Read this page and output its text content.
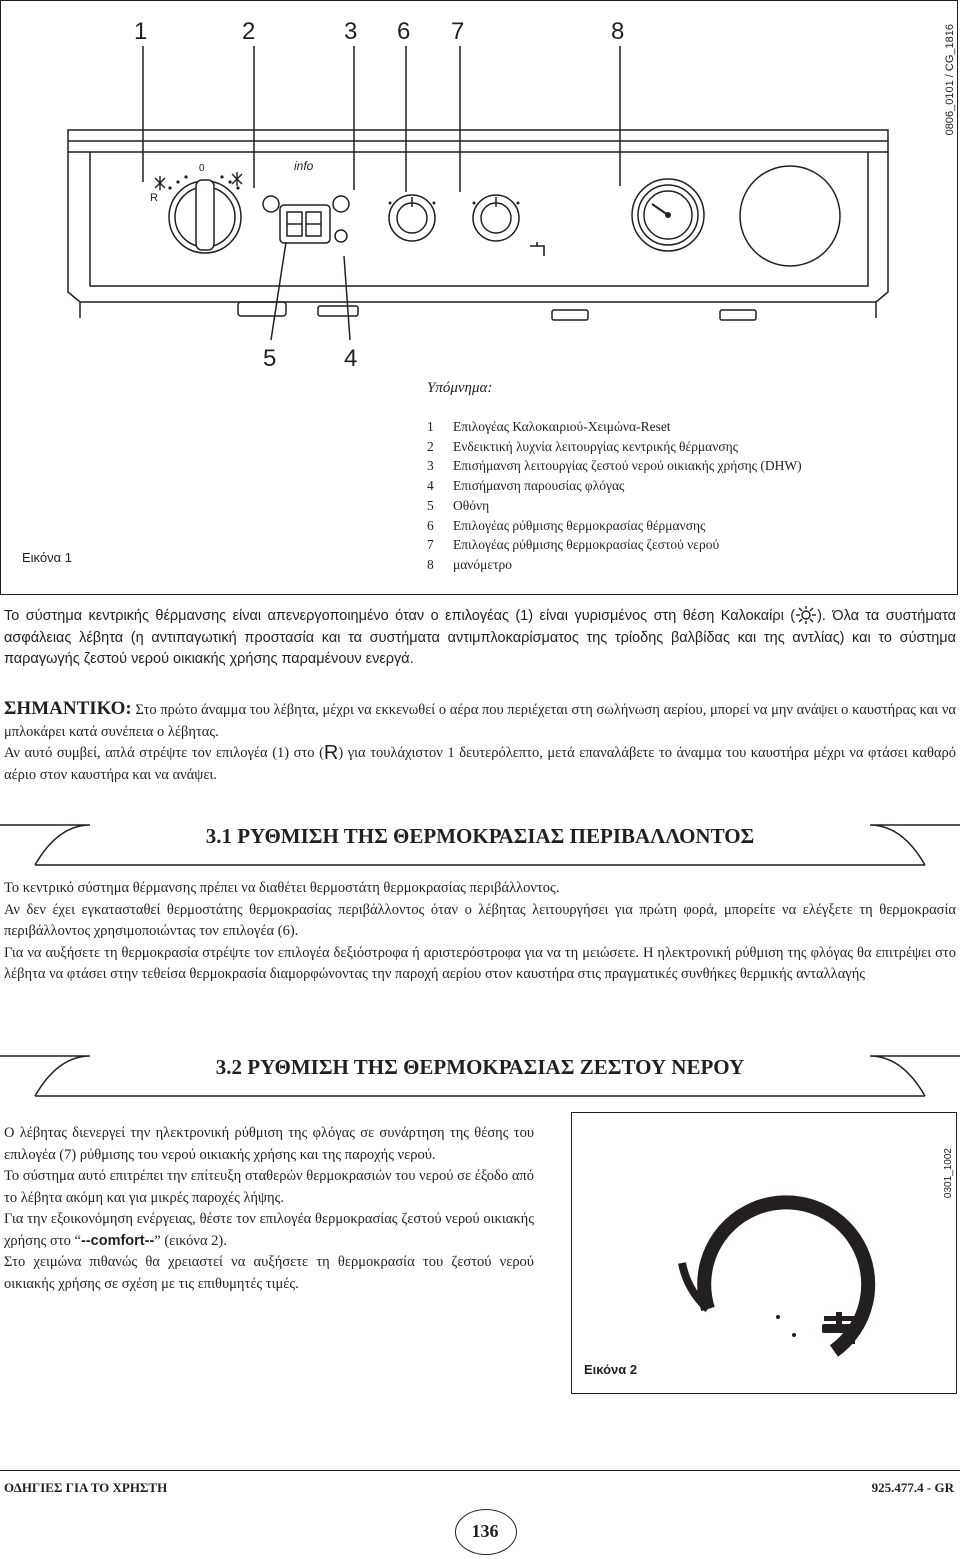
0806_0101 / CG_1816
1	2	3 6 7	8
5	4
R
0	info
Εικόνα 1
Υπόμνημα:
1	Επιλογέας Καλοκαιριού-Χειμώνα-Reset
2	Ενδεικτική λυχνία λειτουργίας κεντρικής θέρμανσης
3	Επισήμανση λειτουργίας ζεστού νερού οικιακής χρήσης (DHW)
4	Επισήμανση παρουσίας φλόγας
5	Οθόνη
6	Επιλογέας ρύθμισης θερμοκρασίας θέρμανσης
7	Επιλογέας ρύθμισης θερμοκρασίας ζεστού νερού
8	μανόμετρο
Το σύστημα κεντρικής θέρμανσης είναι απενεργοποιημένο όταν ο επιλογέας (1) είναι γυρισμένος στη θέση Καλοκαίρι ( ). Όλα τα συστήματα ασφάλειας λέβητα (η αντιπαγωτική προστασία και τα συστήματα αντιμπλοκαρίσματος της τρίοδης βαλβίδας και της αντλίας) και το σύστημα παραγωγής ζεστού νερού οικιακής χρήσης παραμένουν ενεργά.
ΣΗΜΑΝΤΙΚΟ: Στο πρώτο άναμμα του λέβητα, μέχρι να εκκενωθεί ο αέρα που περιέχεται στη σωλήνωση αερίου, μπορεί να μην ανάψει ο καυστήρας και να μπλοκάρει κατά συνέπεια ο λέβητας.
Αν αυτό συμβεί, απλά στρέψτε τον επιλογέα (1) στο (R) για τουλάχιστον 1 δευτερόλεπτο, μετά επαναλάβετε το άναμμα του καυστήρα μέχρι να φτάσει καθαρό αέριο στον καυστήρα και να ανάψει.
3.1 ΡΥΘΜΙΣΗ ΤΗΣ ΘΕΡΜΟΚΡΑΣΙΑΣ ΠΕΡΙΒΑΛΛΟΝΤΟΣ
Το κεντρικό σύστημα θέρμανσης πρέπει να διαθέτει θερμοστάτη θερμοκρασίας περιβάλλοντος.
Αν δεν έχει εγκατασταθεί θερμοστάτης θερμοκρασίας περιβάλλοντος όταν ο λέβητας λειτουργήσει για πρώτη φορά, μπορείτε να ελέγξετε τη θερμοκρασία περιβάλλοντος χρησιμοποιώντας τον επιλογέα (6).
Για να αυξήσετε τη θερμοκρασία στρέψτε τον επιλογέα δεξιόστροφα ή αριστερόστροφα για να τη μειώσετε. Η ηλεκτρονική ρύθμιση της φλόγας θα επιτρέψει στο λέβητα να φτάσει στην τεθείσα θερμοκρασία διαμορφώνοντας την παροχή αερίου στον καυστήρα στις πραγματικές συνθήκες θερμικής ανταλλαγής
3.2 ΡΥΘΜΙΣΗ ΤΗΣ ΘΕΡΜΟΚΡΑΣΙΑΣ ΖΕΣΤΟΥ ΝΕΡΟΥ
Ο λέβητας διενεργεί την ηλεκτρονική ρύθμιση της φλόγας σε συνάρτηση της θέσης του επιλογέα (7) ρύθμισης του νερού οικιακής χρήσης και της παροχής νερού.
Το σύστημα αυτό επιτρέπει την επίτευξη σταθερών θερμοκρασιών του νερού σε έξοδο από το λέβητα ακόμη και για μικρές παροχές λήψης.
Για την εξοικονόμηση ενέργειας, θέστε τον επιλογέα θερμοκρασίας ζεστού νερού οικιακής χρήσης στο “--comfort--” (εικόνα 2).
Στο χειμώνα πιθανώς θα χρειαστεί να αυξήσετε τη θερμοκρασία του ζεστού νερού οικιακής χρήσης σε σχέση με τις επιθυμητές τιμές.
0301_1002
Εικόνα 2
ΟΔΗΓΙΕΣ ΓΙΑ ΤΟ ΧΡΗΣΤΗ	925.477.4 - GR
136
